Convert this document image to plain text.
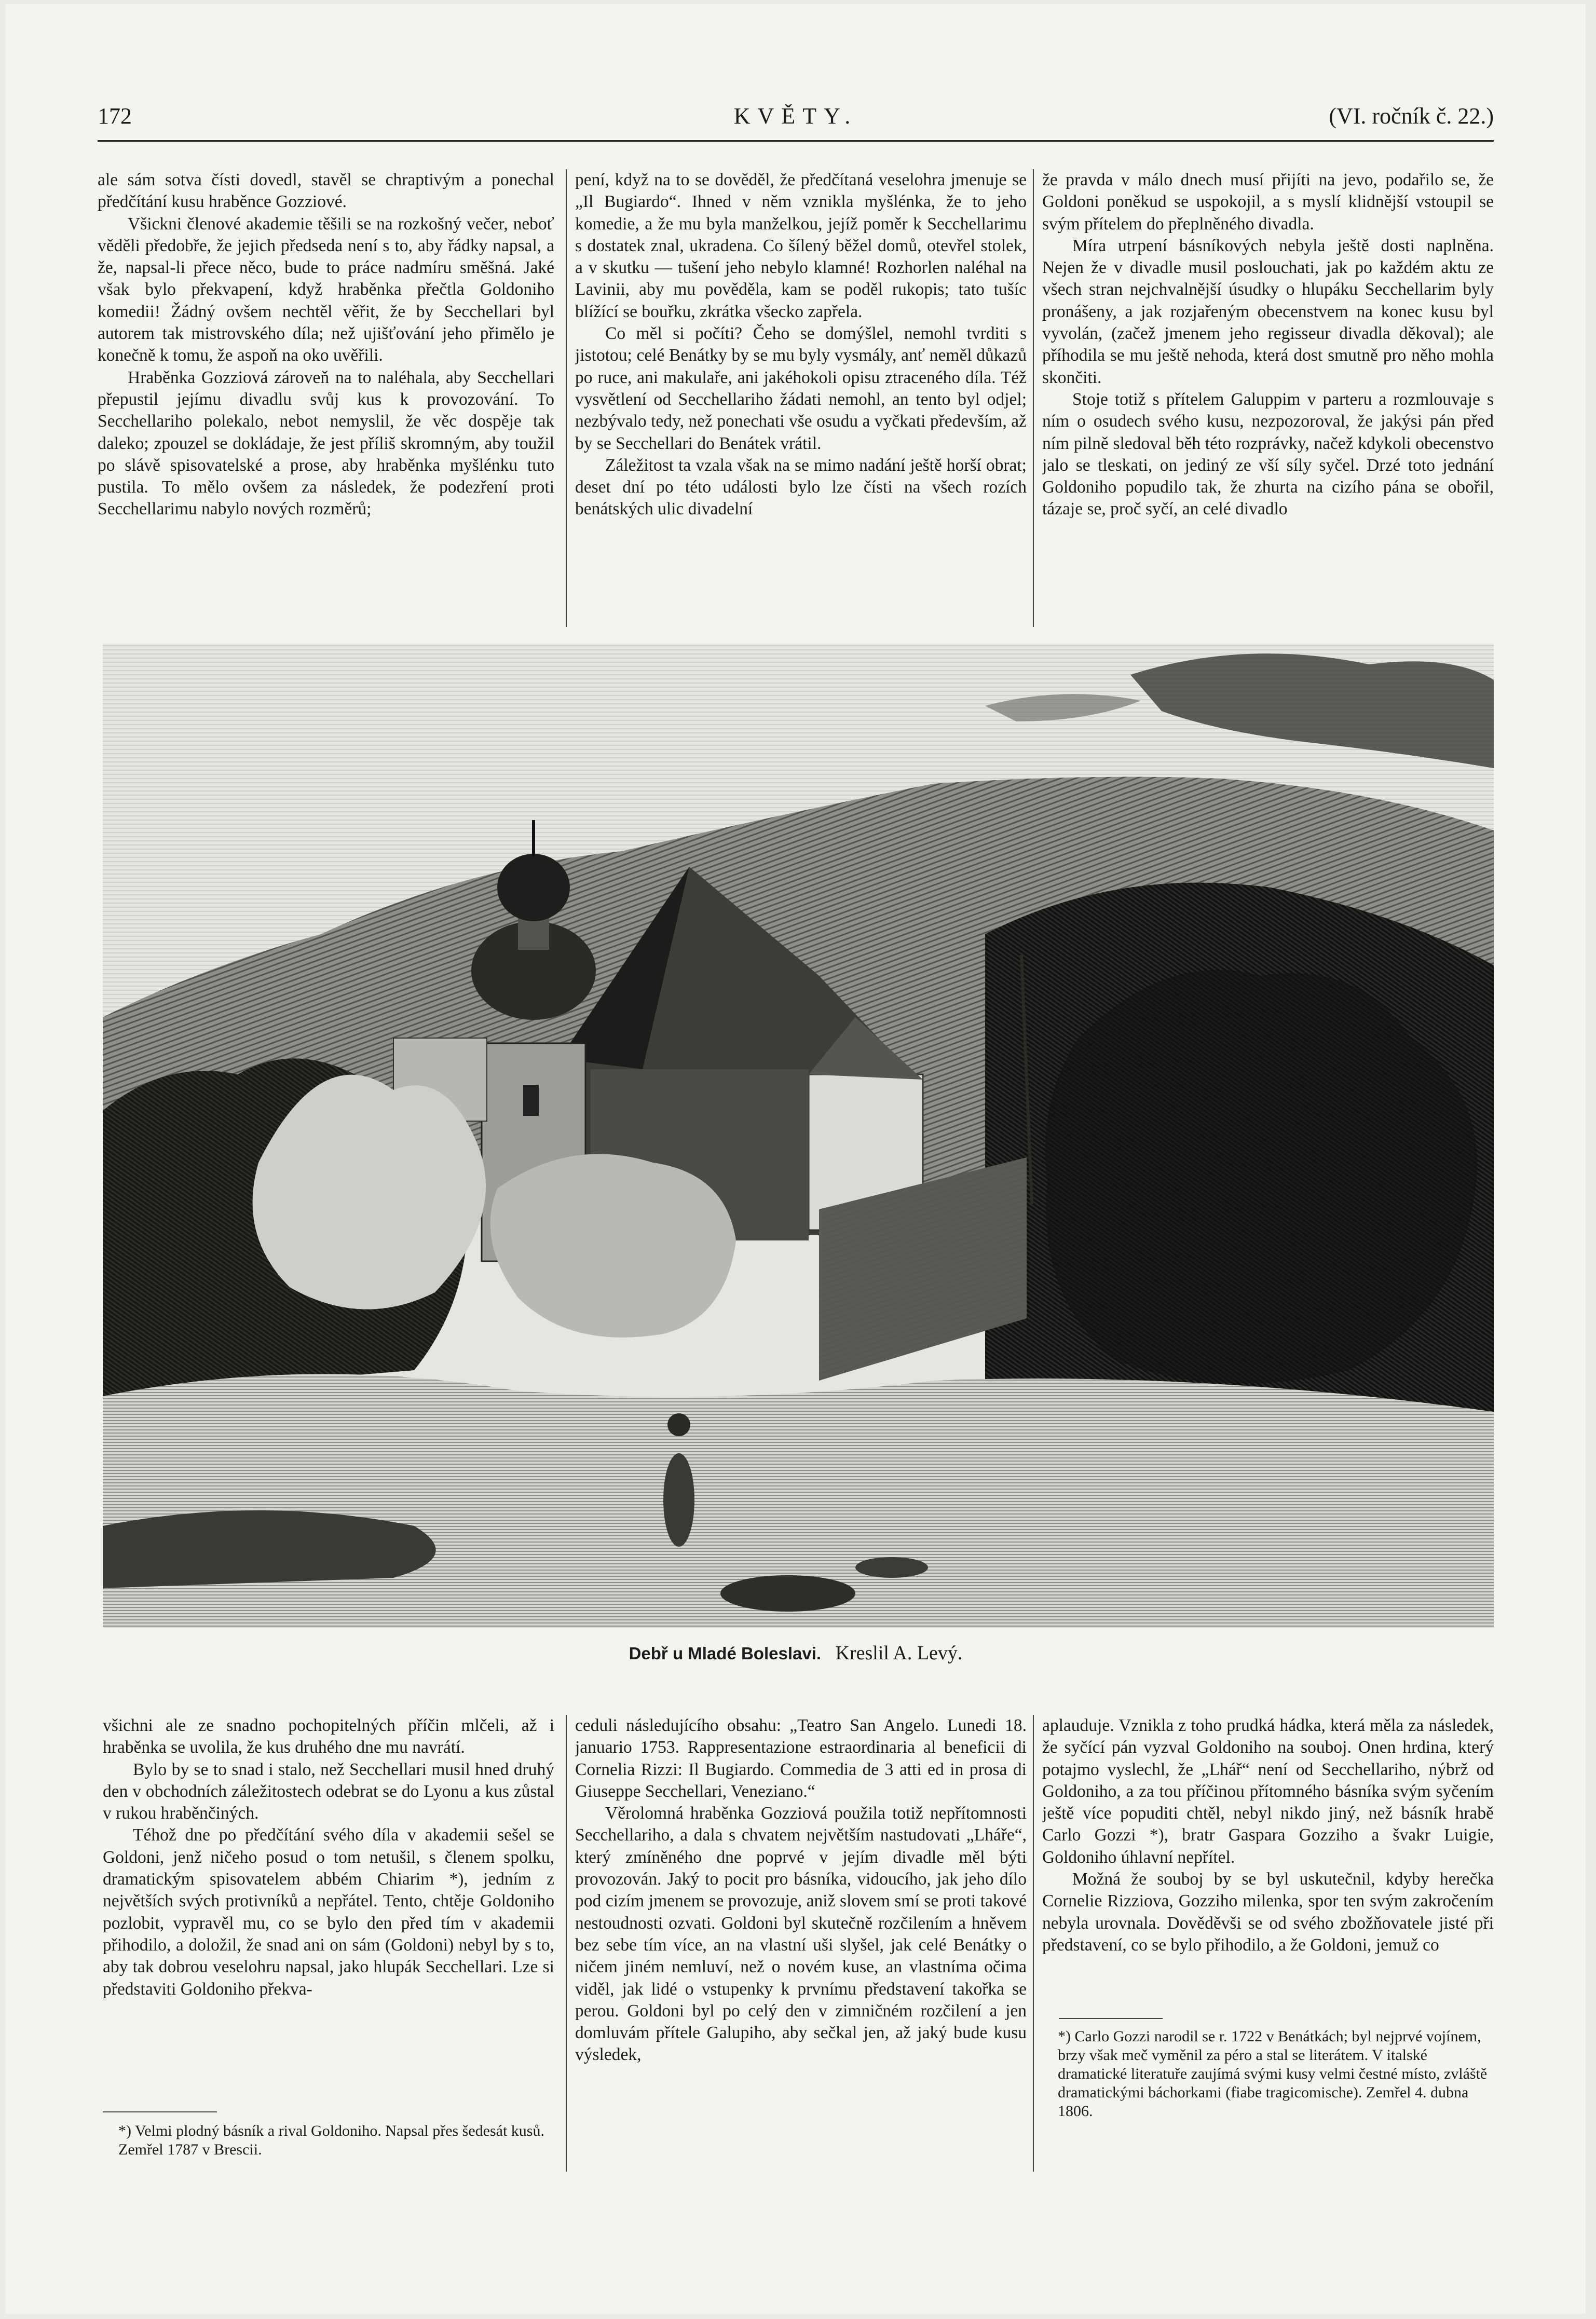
172	KVĚTY.	(VI. ročník č. 22.)

ale sám sotva čísti dovedl, stavěl se chraptivým a ponechal předčítání kusu hraběnce Gozziové.

Všickni členové akademie těšili se na rozkošný večer, neboť věděli předobře, že jejich předseda není s to, aby řádky napsal, a že, napsal-li přece něco, bude to práce nadmíru směšná. Jaké však bylo překvapení, když hraběnka přečtla Goldoniho komedii! Žádný ovšem nechtěl věřit, že by Secchellari byl autorem tak mistrovského díla; než ujišťování jeho přimělo je konečně k tomu, že aspoň na oko uvěřili.

Hraběnka Gozziová zároveň na to naléhala, aby Secchellari přepustil jejímu divadlu svůj kus k provozování. To Secchellariho polekalo, nebot nemyslil, že věc dospěje tak daleko; zpouzel se dokládaje, že jest příliš skromným, aby toužil po slávě spisovatelské a prose, aby hraběnka myšlénku tuto pustila. To mělo ovšem za následek, že podezření proti Secchellarimu nabylo nových rozměrů;

pení, když na to se dověděl, že předčítaná veselohra jmenuje se „Il Bugiardo“. Ihned v něm vznikla myšlénka, že to jeho komedie, a že mu byla manželkou, jejíž poměr k Secchellarimu s dostatek znal, ukradena. Co šílený běžel domů, otevřel stolek, a v skutku — tušení jeho nebylo klamné! Rozhorlen naléhal na Lavinii, aby mu pověděla, kam se poděl rukopis; tato tušíc blížící se bouřku, zkrátka všecko zapřela.

Co měl si počíti? Čeho se domýšlel, nemohl tvrditi s jistotou; celé Benátky by se mu byly vysmály, anť neměl důkazů po ruce, ani makulaře, ani jakéhokoli opisu ztraceného díla. Též vysvětlení od Secchellariho žádati nemohl, an tento byl odjel; nezbývalo tedy, než ponechati vše osudu a vyčkati především, až by se Secchellari do Benátek vrátil.

Záležitost ta vzala však na se mimo nadání ještě horší obrat; deset dní po této události bylo lze čísti na všech rozích benátských ulic divadelní

že pravda v málo dnech musí přijíti na jevo, podařilo se, že Goldoni poněkud se uspokojil, a s myslí klidnější vstoupil se svým přítelem do přeplněného divadla.

Míra utrpení básníkových nebyla ještě dosti naplněna. Nejen že v divadle musil poslouchati, jak po každém aktu ze všech stran nejchvalnější úsudky o hlupáku Secchellarim byly pronášeny, a jak rozjařeným obecenstvem na konec kusu byl vyvolán, (začež jmenem jeho regisseur divadla děkoval); ale příhodila se mu ještě nehoda, která dost smutně pro něho mohla skončiti.

Stoje totiž s přítelem Galuppim v parteru a rozmlouvaje s ním o osudech svého kusu, nezpozoroval, že jakýsi pán před ním pilně sledoval běh této rozprávky, načež kdykoli obecenstvo jalo se tleskati, on jediný ze vší síly syčel. Drzé toto jednání Goldoniho popudilo tak, že zhurta na cizího pána se obořil, tázaje se, proč syčí, an celé divadlo

Debř u Mladé Boleslavi. Kreslil A. Levý.

všichni ale ze snadno pochopitelných příčin mlčeli, až i hraběnka se uvolila, že kus druhého dne mu navrátí.

Bylo by se to snad i stalo, než Secchellari musil hned druhý den v obchodních záležitostech odebrat se do Lyonu a kus zůstal v rukou hraběnčiných.

Téhož dne po předčítání svého díla v akademii sešel se Goldoni, jenž ničeho posud o tom netušil, s členem spolku, dramatickým spisovatelem abbém Chiarim *), jedním z největších svých protivníků a nepřátel. Tento, chtěje Goldoniho pozlobit, vypravěl mu, co se bylo den před tím v akademii přihodilo, a doložil, že snad ani on sám (Goldoni) nebyl by s to, aby tak dobrou veselohru napsal, jako hlupák Secchellari. Lze si představiti Goldoniho překva-

*) Velmi plodný básník a rival Goldoniho. Napsal přes šedesát kusů. Zemřel 1787 v Brescii.

ceduli následujícího obsahu: „Teatro San Angelo. Lunedi 18. januario 1753. Rappresentazione estraordinaria al beneficii di Cornelia Rizzi: Il Bugiardo. Commedia de 3 atti ed in prosa di Giuseppe Secchellari, Veneziano.“

Věrolomná hraběnka Gozziová použila totiž nepřítomnosti Secchellariho, a dala s chvatem největším nastudovati „Lháře“, který zmíněného dne poprvé v jejím divadle měl býti provozován. Jaký to pocit pro básníka, vidoucího, jak jeho dílo pod cizím jmenem se provozuje, aniž slovem smí se proti takové nestoudnosti ozvati. Goldoni byl skutečně rozčilením a hněvem bez sebe tím více, an na vlastní uši slyšel, jak celé Benátky o ničem jiném nemluví, než o novém kuse, an vlastníma očima viděl, jak lidé o vstupenky k prvnímu představení takořka se perou. Goldoni byl po celý den v zimničném rozčilení a jen domluvám přítele Galupiho, aby sečkal jen, až jaký bude kusu výsledek,

aplauduje. Vznikla z toho prudká hádka, která měla za následek, že syčící pán vyzval Goldoniho na souboj. Onen hrdina, který potajmo vyslechl, že „Lhář“ není od Secchellariho, nýbrž od Goldoniho, a za tou příčinou přítomného básníka svým syčením ještě více popuditi chtěl, nebyl nikdo jiný, než básník hrabě Carlo Gozzi *), bratr Gaspara Gozziho a švakr Luigie, Goldoniho úhlavní nepřítel.

Možná že souboj by se byl uskutečnil, kdyby herečka Cornelie Rizziova, Gozziho milenka, spor ten svým zakročením nebyla urovnala. Dověděvši se od svého zbožňovatele jisté při představení, co se bylo přihodilo, a že Goldoni, jemuž co

*) Carlo Gozzi narodil se r. 1722 v Benátkách; byl nejprvé vojínem, brzy však meč vyměnil za péro a stal se literátem. V italské dramatické literatuře zaujímá svými kusy velmi čestné místo, zvláště dramatickými báchorkami (fiabe tragicomische). Zemřel 4. dubna 1806.
